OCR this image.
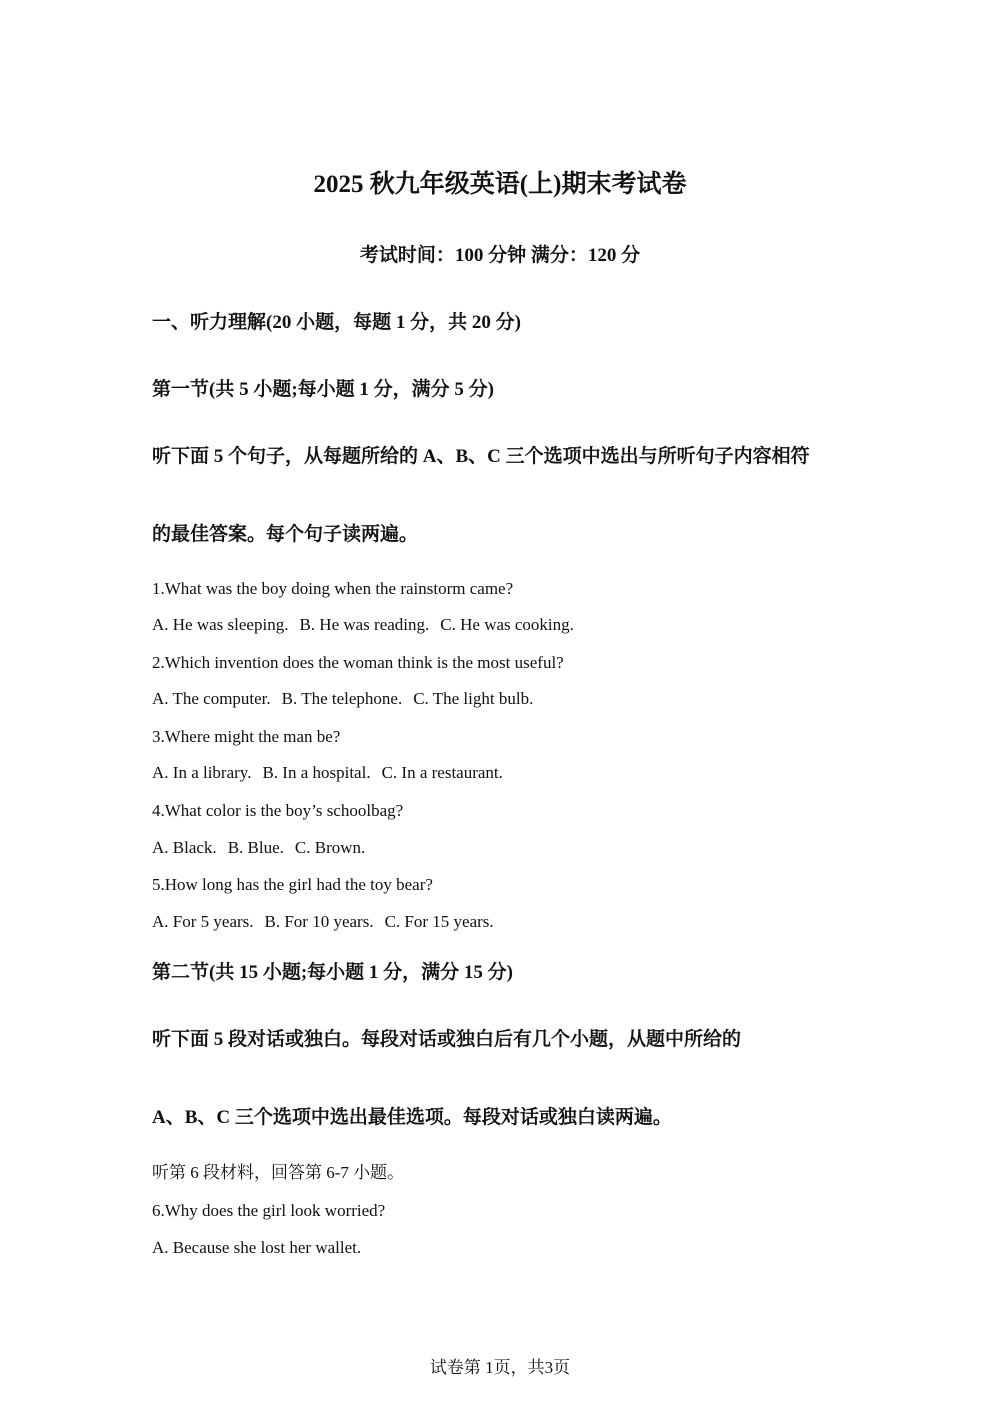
2025 秋九年级英语(上)期末考试卷
考试时间：100 分钟 满分：120 分
一、听力理解(20 小题，每题 1 分，共 20 分)
第一节(共 5 小题;每小题 1 分，满分 5 分)
听下面 5 个句子，从每题所给的 A、B、C 三个选项中选出与所听句子内容相符
的最佳答案。每个句子读两遍。
1.What was the boy doing when the rainstorm came?
A. He was sleeping. B. He was reading. C. He was cooking.
2.Which invention does the woman think is the most useful?
A. The computer. B. The telephone. C. The light bulb.
3.Where might the man be?
A. In a library. B. In a hospital. C. In a restaurant.
4.What color is the boy’s schoolbag?
A. Black. B. Blue. C. Brown.
5.How long has the girl had the toy bear?
A. For 5 years. B. For 10 years. C. For 15 years.
第二节(共 15 小题;每小题 1 分，满分 15 分)
听下面 5 段对话或独白。每段对话或独白后有几个小题，从题中所给的
A、B、C 三个选项中选出最佳选项。每段对话或独白读两遍。
听第 6 段材料，回答第 6-7 小题。
6.Why does the girl look worried?
A. Because she lost her wallet.
试卷第 1页，共3页
